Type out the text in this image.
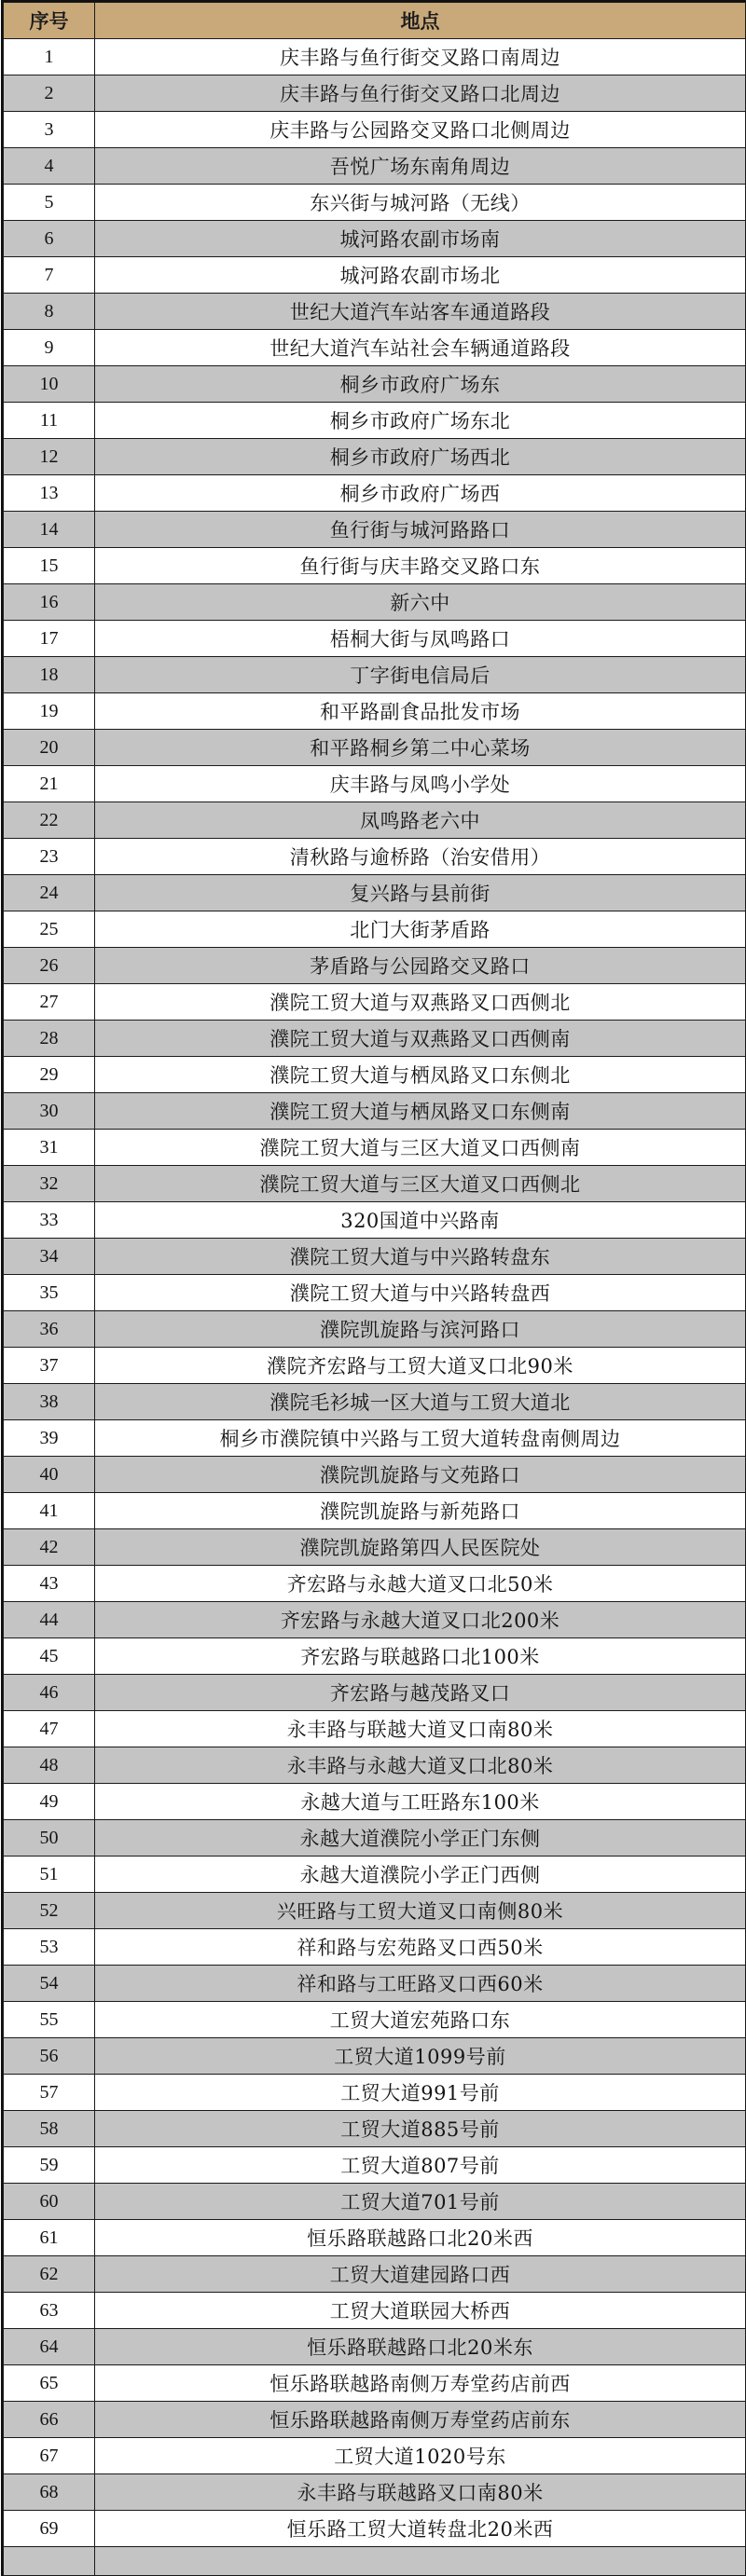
序号	地点
1	庆丰路与鱼行街交叉路口南周边
2	庆丰路与鱼行街交叉路口北周边
3	庆丰路与公园路交叉路口北侧周边
4	吾悦广场东南角周边
5	东兴街与城河路（无线）
6	城河路农副市场南
7	城河路农副市场北
8	世纪大道汽车站客车通道路段
9	世纪大道汽车站社会车辆通道路段
10	桐乡市政府广场东
11	桐乡市政府广场东北
12	桐乡市政府广场西北
13	桐乡市政府广场西
14	鱼行街与城河路路口
15	鱼行街与庆丰路交叉路口东
16	新六中
17	梧桐大街与凤鸣路口
18	丁字街电信局后
19	和平路副食品批发市场
20	和平路桐乡第二中心菜场
21	庆丰路与凤鸣小学处
22	凤鸣路老六中
23	清秋路与逾桥路（治安借用）
24	复兴路与县前街
25	北门大街茅盾路
26	茅盾路与公园路交叉路口
27	濮院工贸大道与双燕路叉口西侧北
28	濮院工贸大道与双燕路叉口西侧南
29	濮院工贸大道与栖凤路叉口东侧北
30	濮院工贸大道与栖凤路叉口东侧南
31	濮院工贸大道与三区大道叉口西侧南
32	濮院工贸大道与三区大道叉口西侧北
33	320国道中兴路南
34	濮院工贸大道与中兴路转盘东
35	濮院工贸大道与中兴路转盘西
36	濮院凯旋路与滨河路口
37	濮院齐宏路与工贸大道叉口北90米
38	濮院毛衫城一区大道与工贸大道北
39	桐乡市濮院镇中兴路与工贸大道转盘南侧周边
40	濮院凯旋路与文苑路口
41	濮院凯旋路与新苑路口
42	濮院凯旋路第四人民医院处
43	齐宏路与永越大道叉口北50米
44	齐宏路与永越大道叉口北200米
45	齐宏路与联越路口北100米
46	齐宏路与越茂路叉口
47	永丰路与联越大道叉口南80米
48	永丰路与永越大道叉口北80米
49	永越大道与工旺路东100米
50	永越大道濮院小学正门东侧
51	永越大道濮院小学正门西侧
52	兴旺路与工贸大道叉口南侧80米
53	祥和路与宏苑路叉口西50米
54	祥和路与工旺路叉口西60米
55	工贸大道宏苑路口东
56	工贸大道1099号前
57	工贸大道991号前
58	工贸大道885号前
59	工贸大道807号前
60	工贸大道701号前
61	恒乐路联越路口北20米西
62	工贸大道建园路口西
63	工贸大道联园大桥西
64	恒乐路联越路口北20米东
65	恒乐路联越路南侧万寿堂药店前西
66	恒乐路联越路南侧万寿堂药店前东
67	工贸大道1020号东
68	永丰路与联越路叉口南80米
69	恒乐路工贸大道转盘北20米西
